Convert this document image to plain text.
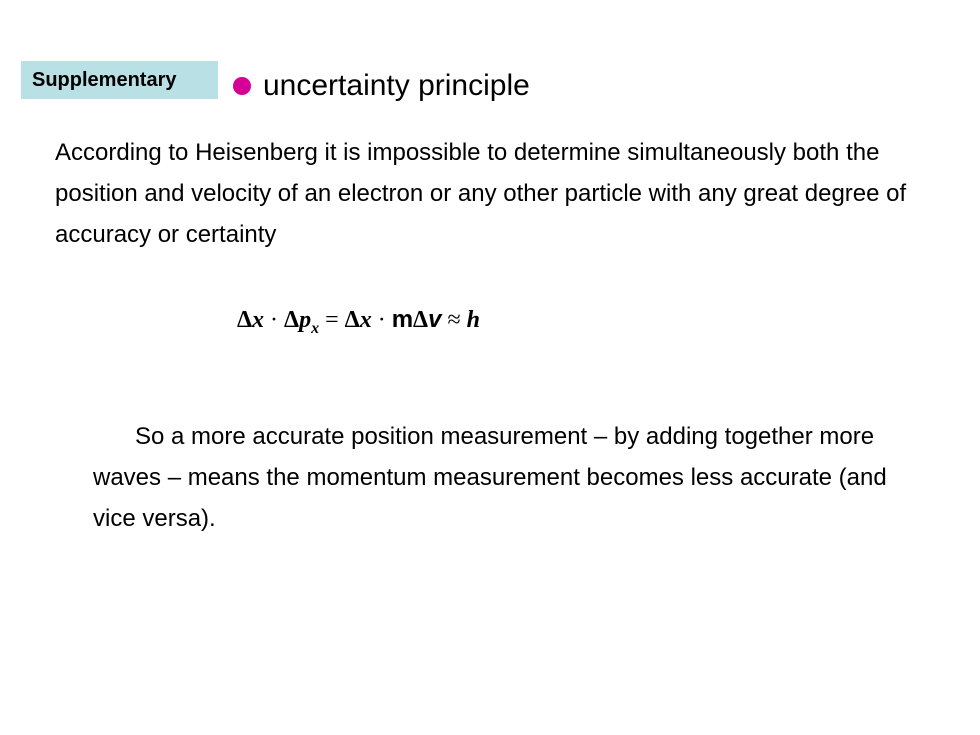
Supplementary	uncertainty principle
According to Heisenberg it is impossible to determine simultaneously both the position and velocity of an electron or any other particle with any great degree of accuracy or certainty
$\Delta x \cdot \Delta p_x = \Delta x \cdot m\Delta v \approx h$
So a more accurate position measurement – by adding together more waves – means the momentum measurement becomes less accurate (and vice versa).
